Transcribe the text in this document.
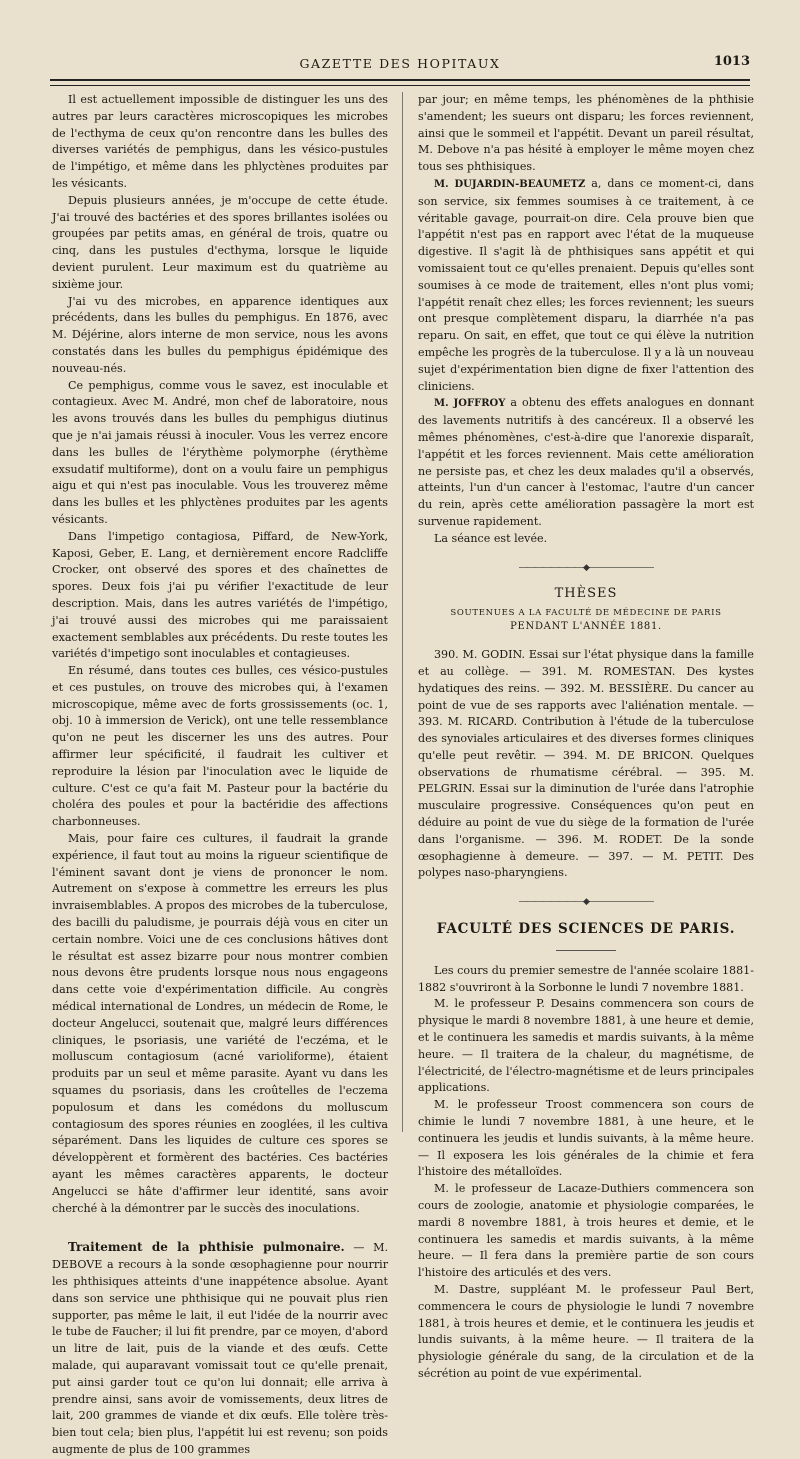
GAZETTE DES HOPITAUX	1013

Il est actuellement impossible de distinguer les uns des autres par leurs caractères microscopiques les microbes de l'ecthyma de ceux qu'on rencontre dans les bulles des diverses variétés de pemphigus, dans les vésico-pustules de l'impétigo, et même dans les phlyctènes produites par les vésicants.

Depuis plusieurs années, je m'occupe de cette étude. J'ai trouvé des bactéries et des spores brillantes isolées ou groupées par petits amas, en général de trois, quatre ou cinq, dans les pustules d'ecthyma, lorsque le liquide devient purulent. Leur maximum est du quatrième au sixième jour.

J'ai vu des microbes, en apparence identiques aux précédents, dans les bulles du pemphigus. En 1876, avec M. Déjérine, alors interne de mon service, nous les avons constatés dans les bulles du pemphigus épidémique des nouveau-nés.

Ce pemphigus, comme vous le savez, est inoculable et contagieux. Avec M. André, mon chef de laboratoire, nous les avons trouvés dans les bulles du pemphigus diutinus que je n'ai jamais réussi à inoculer. Vous les verrez encore dans les bulles de l'érythème polymorphe (érythème exsudatif multiforme), dont on a voulu faire un pemphigus aigu et qui n'est pas inoculable. Vous les trouverez même dans les bulles et les phlyctènes produites par les agents vésicants.

Dans l'impetigo contagiosa, Piffard, de New-York, Kaposi, Geber, E. Lang, et dernièrement encore Radcliffe Crocker, ont observé des spores et des chaînettes de spores. Deux fois j'ai pu vérifier l'exactitude de leur description. Mais, dans les autres variétés de l'impétigo, j'ai trouvé aussi des microbes qui me paraissaient exactement semblables aux précédents. Du reste toutes les variétés d'impetigo sont inoculables et contagieuses.

En résumé, dans toutes ces bulles, ces vésico-pustules et ces pustules, on trouve des microbes qui, à l'examen microscopique, même avec de forts grossissements (oc. 1, obj. 10 à immersion de Verick), ont une telle ressemblance qu'on ne peut les discerner les uns des autres. Pour affirmer leur spécificité, il faudrait les cultiver et reproduire la lésion par l'inoculation avec le liquide de culture. C'est ce qu'a fait M. Pasteur pour la bactérie du choléra des poules et pour la bactéridie des affections charbonneuses.

Mais, pour faire ces cultures, il faudrait la grande expérience, il faut tout au moins la rigueur scientifique de l'éminent savant dont je viens de prononcer le nom. Autrement on s'expose à commettre les erreurs les plus invraisemblables. A propos des microbes de la tuberculose, des bacilli du paludisme, je pourrais déjà vous en citer un certain nombre. Voici une de ces conclusions hâtives dont le résultat est assez bizarre pour nous montrer combien nous devons être prudents lorsque nous nous engageons dans cette voie d'expérimentation difficile. Au congrès médical international de Londres, un médecin de Rome, le docteur Angelucci, soutenait que, malgré leurs différences cliniques, le psoriasis, une variété de l'eczéma, et le molluscum contagiosum (acné varioliforme), étaient produits par un seul et même parasite. Ayant vu dans les squames du psoriasis, dans les croûtelles de l'eczema populosum et dans les comédons du molluscum contagiosum des spores réunies en zooglées, il les cultiva séparément. Dans les liquides de culture ces spores se développèrent et formèrent des bactéries. Ces bactéries ayant les mêmes caractères apparents, le docteur Angelucci se hâte d'affirmer leur identité, sans avoir cherché à la démontrer par le succès des inoculations.

Traitement de la phthisie pulmonaire. — M. DEBOVE a recours à la sonde œsophagienne pour nourrir les phthisiques atteints d'une inappétence absolue. Ayant dans son service une phthisique qui ne pouvait plus rien supporter, pas même le lait, il eut l'idée de la nourrir avec le tube de Faucher; il lui fit prendre, par ce moyen, d'abord un litre de lait, puis de la viande et des œufs. Cette malade, qui auparavant vomissait tout ce qu'elle prenait, put ainsi garder tout ce qu'on lui donnait; elle arriva à prendre ainsi, sans avoir de vomissements, deux litres de lait, 200 grammes de viande et dix œufs. Elle tolère très-bien tout cela; bien plus, l'appétit lui est revenu; son poids augmente de plus de 100 grammes

par jour; en même temps, les phénomènes de la phthisie s'amendent; les sueurs ont disparu; les forces reviennent, ainsi que le sommeil et l'appétit. Devant un pareil résultat, M. Debove n'a pas hésité à employer le même moyen chez tous ses phthisiques.

M. DUJARDIN-BEAUMETZ a, dans ce moment-ci, dans son service, six femmes soumises à ce traitement, à ce véritable gavage, pourrait-on dire. Cela prouve bien que l'appétit n'est pas en rapport avec l'état de la muqueuse digestive. Il s'agit là de phthisiques sans appétit et qui vomissaient tout ce qu'elles prenaient. Depuis qu'elles sont soumises à ce mode de traitement, elles n'ont plus vomi; l'appétit renaît chez elles; les forces reviennent; les sueurs ont presque complètement disparu, la diarrhée n'a pas reparu. On sait, en effet, que tout ce qui élève la nutrition empêche les progrès de la tuberculose. Il y a là un nouveau sujet d'expérimentation bien digne de fixer l'attention des cliniciens.

M. JOFFROY a obtenu des effets analogues en donnant des lavements nutritifs à des cancéreux. Il a observé les mêmes phénomènes, c'est-à-dire que l'anorexie disparaît, l'appétit et les forces reviennent. Mais cette amélioration ne persiste pas, et chez les deux malades qu'il a observés, atteints, l'un d'un cancer à l'estomac, l'autre d'un cancer du rein, après cette amélioration passagère la mort est survenue rapidement.

La séance est levée.

――――――――◆――――――――
THÈSES
SOUTENUES A LA FACULTÉ DE MÉDECINE DE PARIS
PENDANT L'ANNÉE 1881.

390. M. GODIN. Essai sur l'état physique dans la famille et au collège. — 391. M. ROMESTAN. Des kystes hydatiques des reins. — 392. M. BESSIÈRE. Du cancer au point de vue de ses rapports avec l'aliénation mentale. — 393. M. RICARD. Contribution à l'étude de la tuberculose des synoviales articulaires et des diverses formes cliniques qu'elle peut revêtir. — 394. M. DE BRICON. Quelques observations de rhumatisme cérébral. — 395. M. PELGRIN. Essai sur la diminution de l'urée dans l'atrophie musculaire progressive. Conséquences qu'on peut en déduire au point de vue du siège de la formation de l'urée dans l'organisme. — 396. M. RODET. De la sonde œsophagienne à demeure. — 397. — M. PETIT. Des polypes naso-pharyngiens.

――――――――◆――――――――
FACULTÉ DES SCIENCES DE PARIS.

Les cours du premier semestre de l'année scolaire 1881-1882 s'ouvriront à la Sorbonne le lundi 7 novembre 1881.

M. le professeur P. Desains commencera son cours de physique le mardi 8 novembre 1881, à une heure et demie, et le continuera les samedis et mardis suivants, à la même heure. — Il traitera de la chaleur, du magnétisme, de l'électricité, de l'électro-magnétisme et de leurs principales applications.

M. le professeur Troost commencera son cours de chimie le lundi 7 novembre 1881, à une heure, et le continuera les jeudis et lundis suivants, à la même heure. — Il exposera les lois générales de la chimie et fera l'histoire des métalloïdes.

M. le professeur de Lacaze-Duthiers commencera son cours de zoologie, anatomie et physiologie comparées, le mardi 8 novembre 1881, à trois heures et demie, et le continuera les samedis et mardis suivants, à la même heure. — Il fera dans la première partie de son cours l'histoire des articulés et des vers.

M. Dastre, suppléant M. le professeur Paul Bert, commencera le cours de physiologie le lundi 7 novembre 1881, à trois heures et demie, et le continuera les jeudis et lundis suivants, à la même heure. — Il traitera de la physiologie générale du sang, de la circulation et de la sécrétion au point de vue expérimental.
